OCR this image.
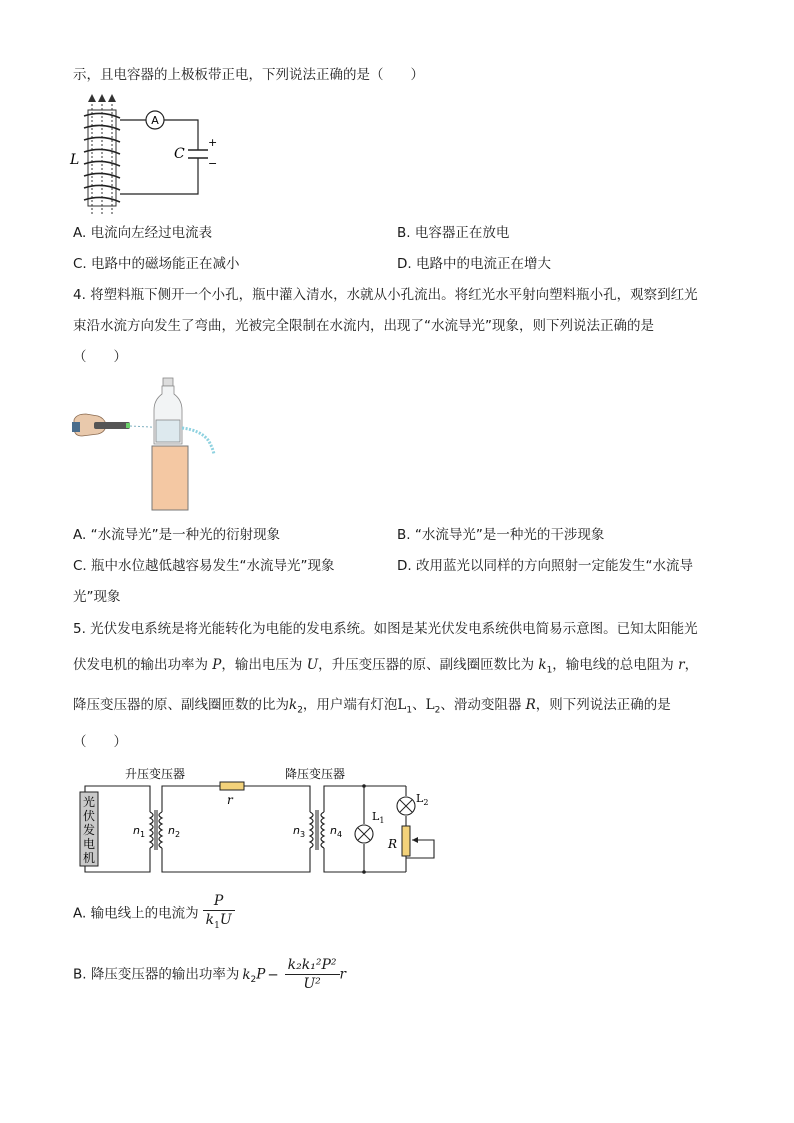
示，且电容器的上极板带正电，下列说法正确的是（　　）
A
+
−
C
L
A. 电流向左经过电流表	B. 电容器正在放电
C. 电路中的磁场能正在减小	D. 电路中的电流正在增大
4. 将塑料瓶下侧开一个小孔，瓶中灌入清水，水就从小孔流出。将红光水平射向塑料瓶小孔，观察到红光
束沿水流方向发生了弯曲，光被完全限制在水流内，出现了“水流导光”现象，则下列说法正确的是
（　　）
A. “水流导光”是一种光的衍射现象	B. “水流导光”是一种光的干涉现象
C. 瓶中水位越低越容易发生“水流导光”现象	D. 改用蓝光以同样的方向照射一定能发生“水流导
光”现象
5. 光伏发电系统是将光能转化为电能的发电系统。如图是某光伏发电系统供电简易示意图。已知太阳能光
伏发电机的输出功率为 P，输出电压为 U，升压变压器的原、副线圈匝数比为 $k_1$，输电线的总电阻为 r，
降压变压器的原、副线圈匝数的比为$k_2$，用户端有灯泡$L_1$、$L_2$、滑动变阻器 R，则下列说法正确的是
（　　）
升压变压器	降压变压器
光
伏
发
电
机
r
$n_1$ $n_2$	$n_3$ $n_4$
$L_1$
$L_2$
R
A. 输电线上的电流为 $\frac{P}{k_1U}$
B. 降压变压器的输出功率为 $k_2P - \frac{\text{k₂k₁²P²}}{\text{U²}}$ r
